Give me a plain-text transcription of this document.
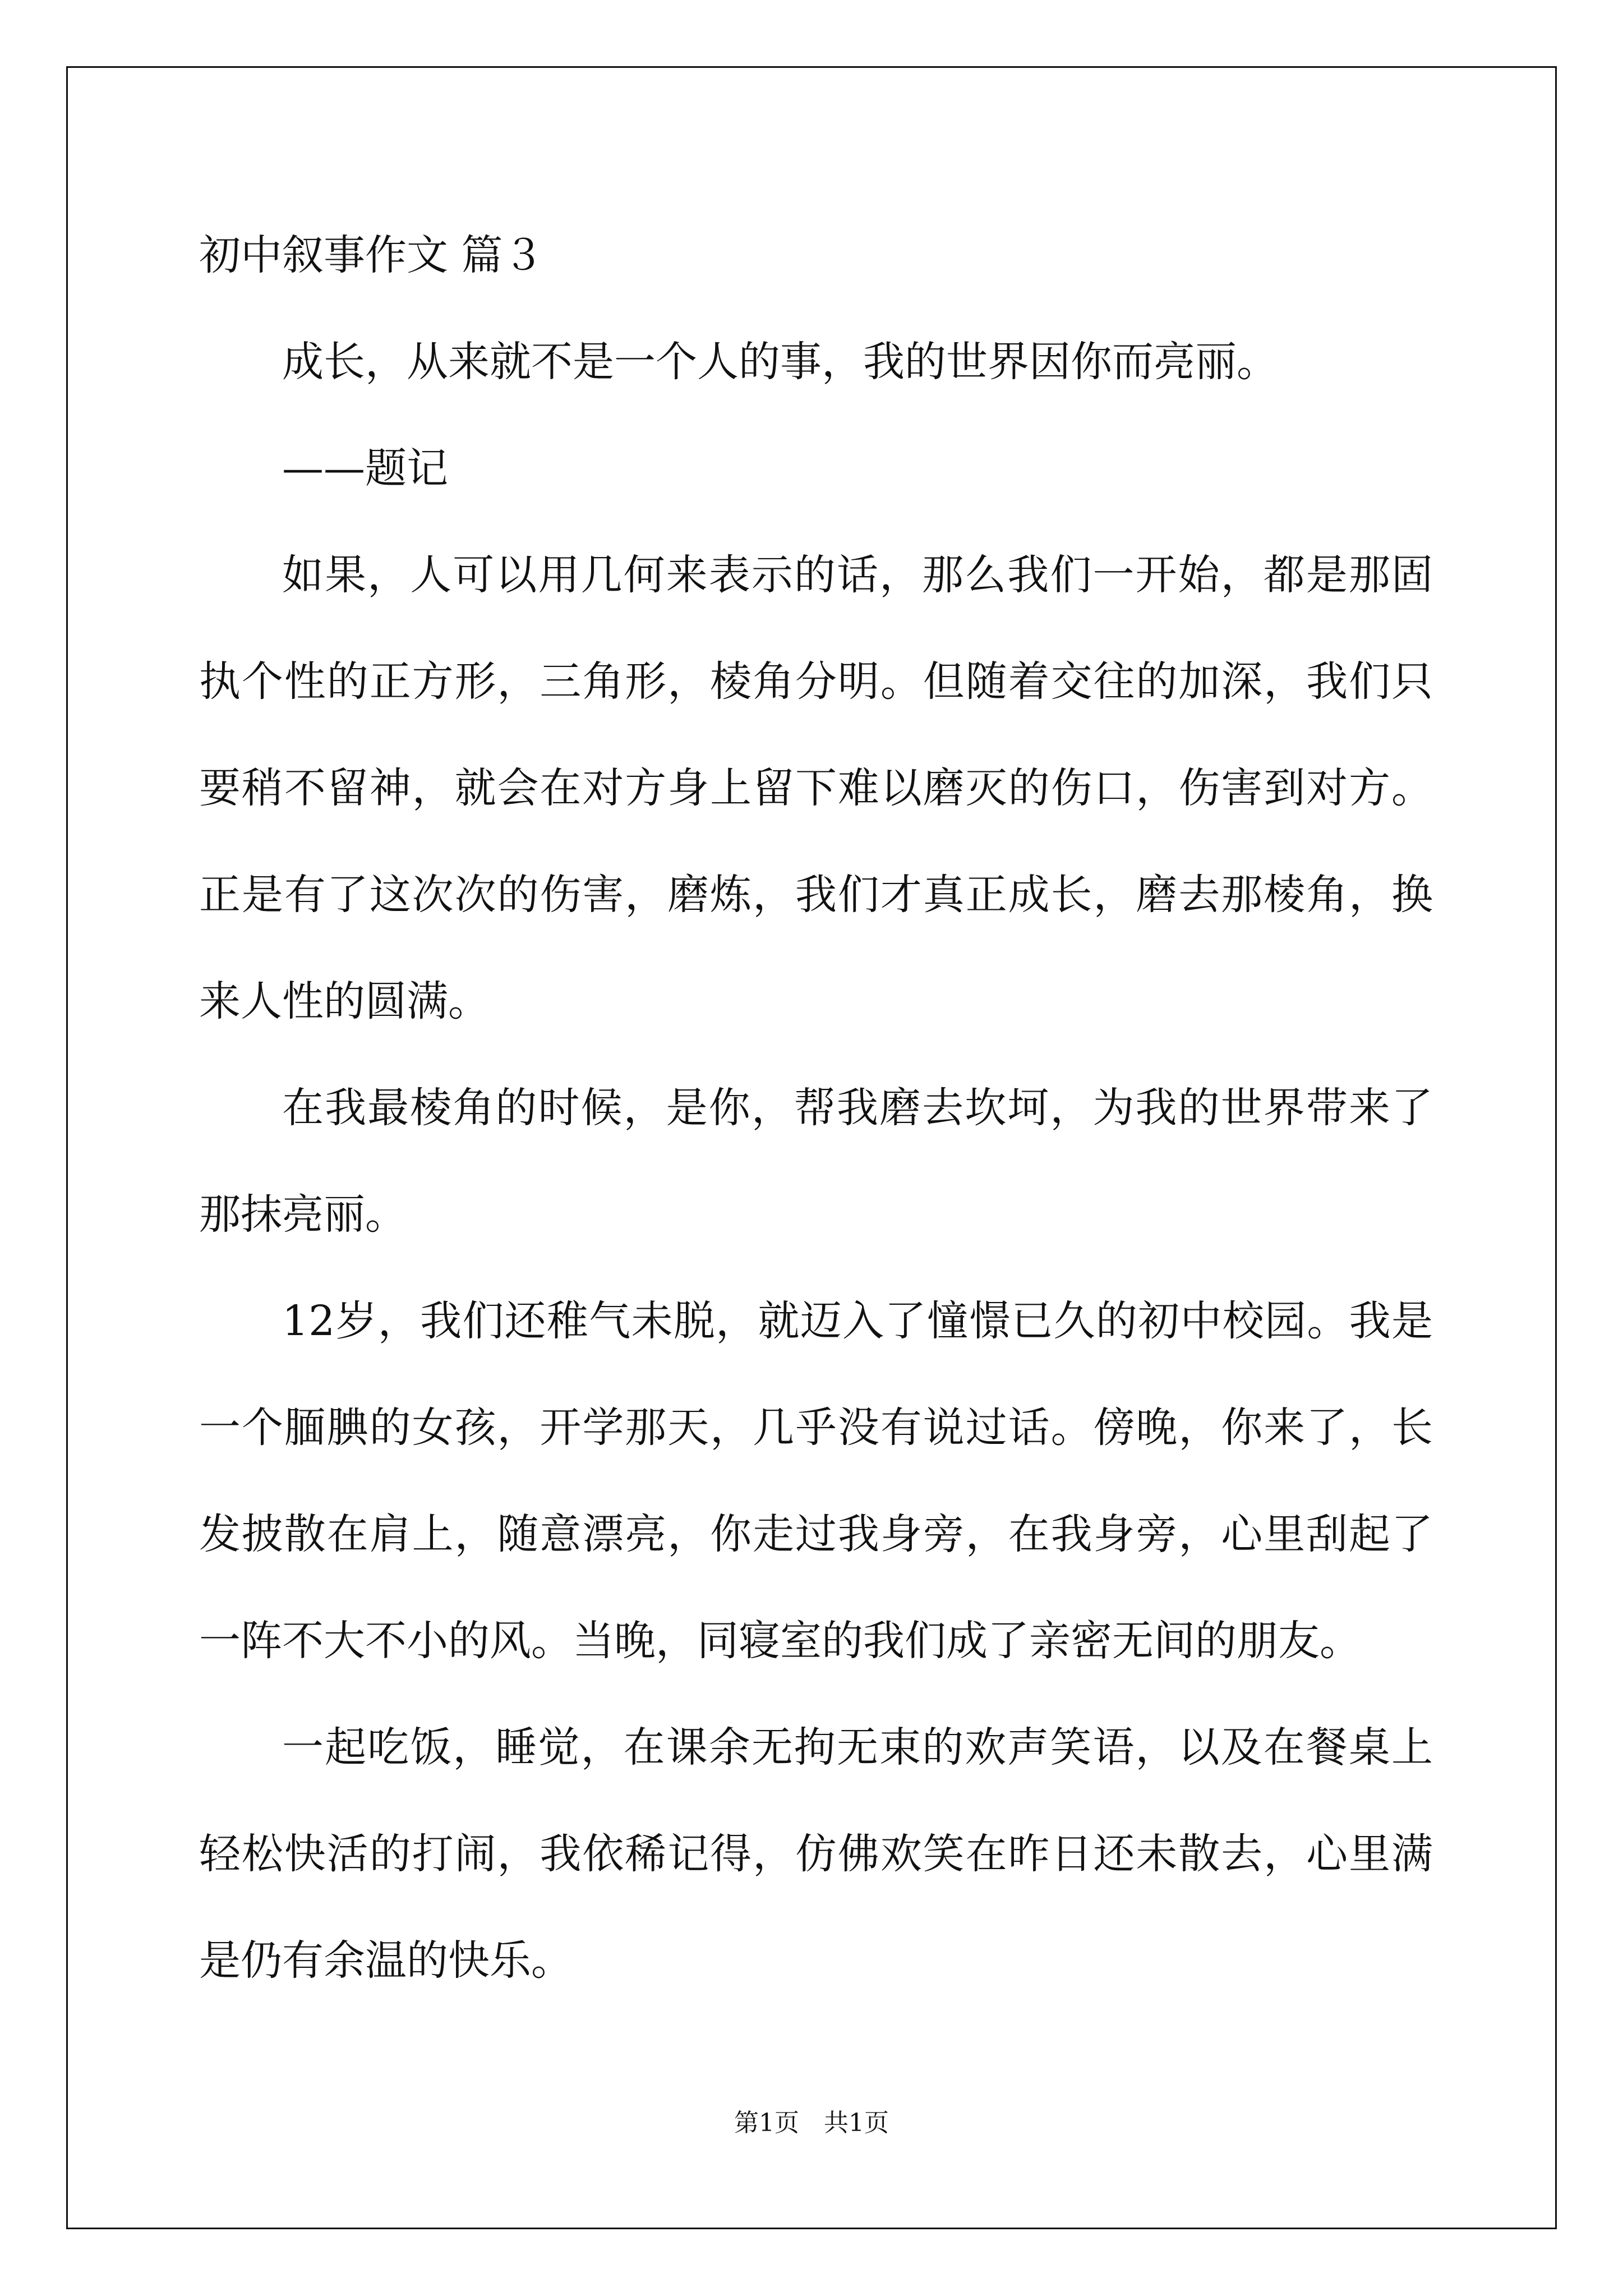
初中叙事作文 篇３

成长，从来就不是一个人的事，我的世界因你而亮丽。

——题记

如果，人可以用几何来表示的话，那么我们一开始，都是那固执个性的正方形，三角形，棱角分明。但随着交往的加深，我们只要稍不留神，就会在对方身上留下难以磨灭的伤口，伤害到对方。正是有了这次次的伤害，磨炼，我们才真正成长，磨去那棱角，换来人性的圆满。

在我最棱角的时候，是你，帮我磨去坎坷，为我的世界带来了那抹亮丽。

12岁，我们还稚气未脱，就迈入了憧憬已久的初中校园。我是一个腼腆的女孩，开学那天，几乎没有说过话。傍晚，你来了，长发披散在肩上，随意漂亮，你走过我身旁，在我身旁，心里刮起了一阵不大不小的风。当晚，同寝室的我们成了亲密无间的朋友。

一起吃饭，睡觉，在课余无拘无束的欢声笑语，以及在餐桌上轻松快活的打闹，我依稀记得，仿佛欢笑在昨日还未散去，心里满是仍有余温的快乐。

第1页　共1页
